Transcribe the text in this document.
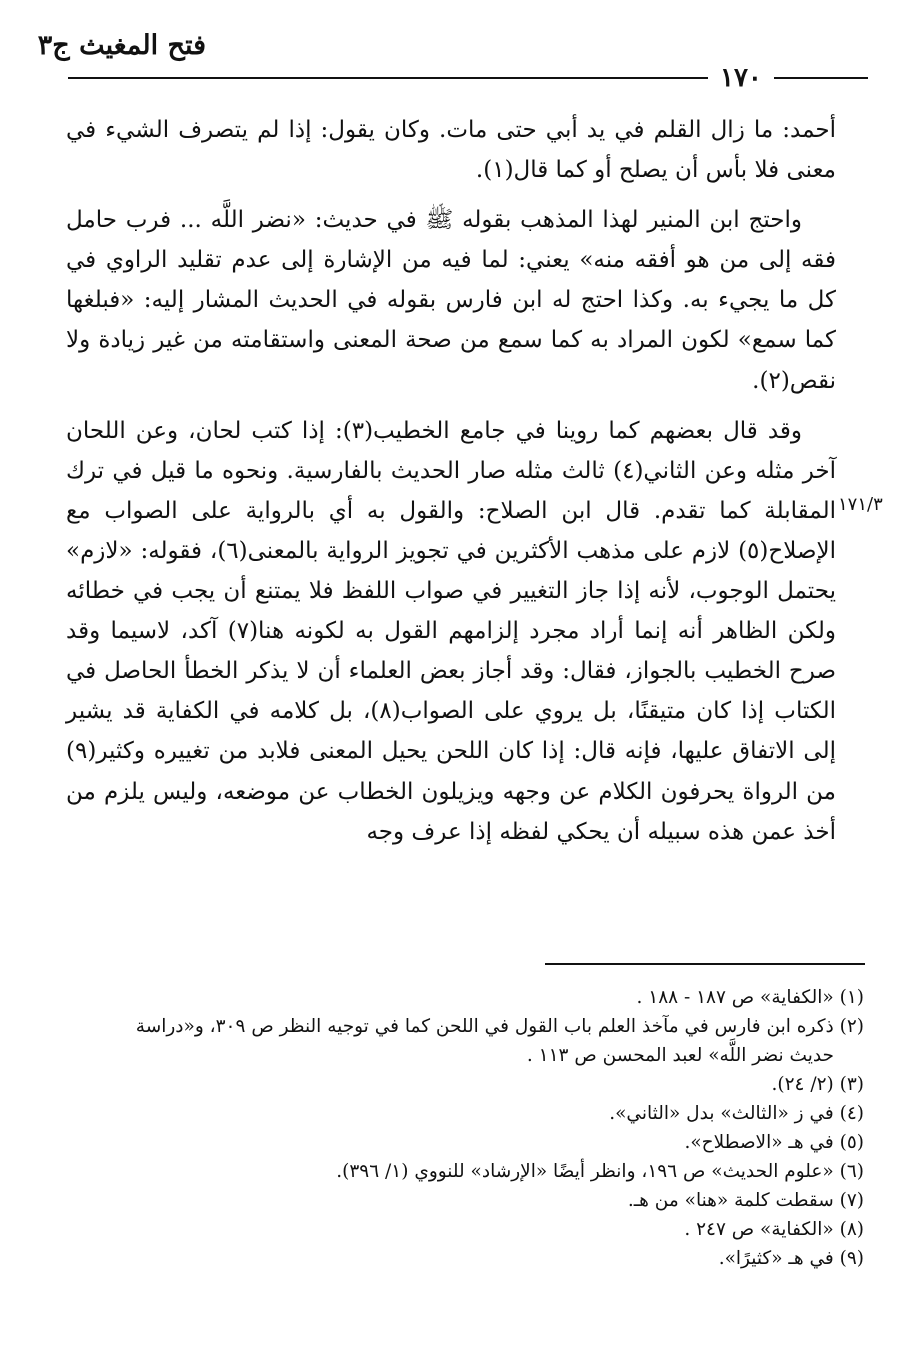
فتح المغيث ج٣
١٧٠
١٧١/٣

أحمد: ما زال القلم في يد أبي حتى مات. وكان يقول: إذا لم يتصرف الشيء في معنى فلا بأس أن يصلح أو كما قال(١).

واحتج ابن المنير لهذا المذهب بقوله ﷺ في حديث: «نضر اللَّه ... فرب حامل فقه إلى من هو أفقه منه» يعني: لما فيه من الإشارة إلى عدم تقليد الراوي في كل ما يجيء به. وكذا احتج له ابن فارس بقوله في الحديث المشار إليه: «فبلغها كما سمع» لكون المراد به كما سمع من صحة المعنى واستقامته من غير زيادة ولا نقص(٢).

وقد قال بعضهم كما روينا في جامع الخطيب(٣): إذا كتب لحان، وعن اللحان آخر مثله وعن الثاني(٤) ثالث مثله صار الحديث بالفارسية. ونحوه ما قيل في ترك المقابلة كما تقدم. قال ابن الصلاح: والقول به أي بالرواية على الصواب مع الإصلاح(٥) لازم على مذهب الأكثرين في تجويز الرواية بالمعنى(٦)، فقوله: «لازم» يحتمل الوجوب، لأنه إذا جاز التغيير في صواب اللفظ فلا يمتنع أن يجب في خطائه ولكن الظاهر أنه إنما أراد مجرد إلزامهم القول به لكونه هنا(٧) آكد، لاسيما وقد صرح الخطيب بالجواز، فقال: وقد أجاز بعض العلماء أن لا يذكر الخطأ الحاصل في الكتاب إذا كان متيقنًا، بل يروي على الصواب(٨)، بل كلامه في الكفاية قد يشير إلى الاتفاق عليها، فإنه قال: إذا كان اللحن يحيل المعنى فلابد من تغييره وكثير(٩) من الرواة يحرفون الكلام عن وجهه ويزيلون الخطاب عن موضعه، وليس يلزم من أخذ عمن هذه سبيله أن يحكي لفظه إذا عرف وجه

(١) «الكفاية» ص ١٨٧ - ١٨٨ .

(٢) ذكره ابن فارس في مآخذ العلم باب القول في اللحن كما في توجيه النظر ص ٣٠٩، و«دراسة

حديث نضر اللَّه» لعبد المحسن ص ١١٣ .

(٣) (٢/ ٢٤).

(٤) في ز «الثالث» بدل «الثاني».

(٥) في هـ «الاصطلاح».

(٦) «علوم الحديث» ص ١٩٦، وانظر أيضًا «الإرشاد» للنووي (١/ ٣٩٦).

(٧) سقطت كلمة «هنا» من هـ.

(٨) «الكفاية» ص ٢٤٧ .

(٩) في هـ «كثيرًا».
